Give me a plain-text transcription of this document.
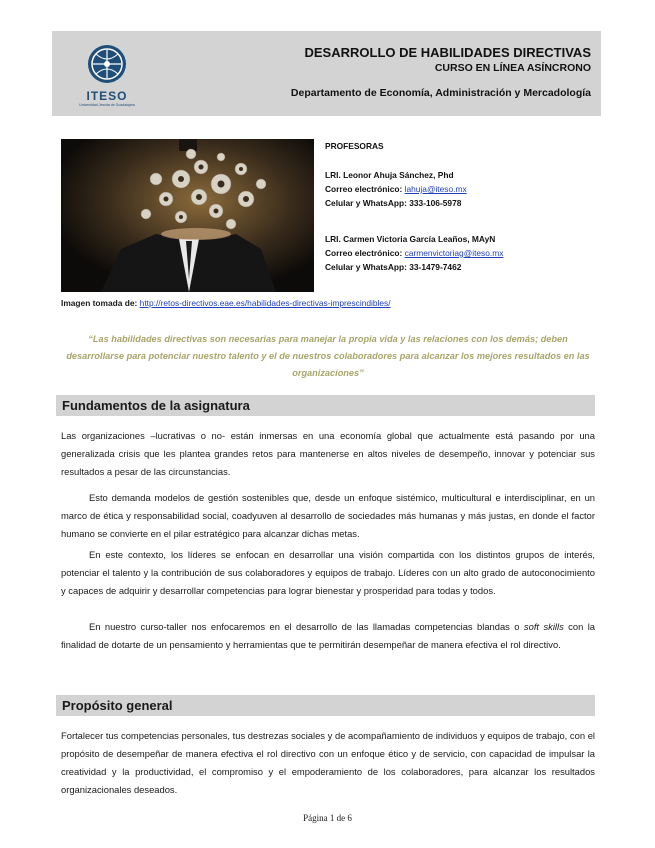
ITESO
Universidad Jesuita de Guadalajara
DESARROLLO DE HABILIDADES DIRECTIVAS
CURSO EN LÍNEA ASÍNCRONO
Departamento de Economía, Administración y Mercadología
PROFESORAS
LRI. Leonor Ahuja Sánchez, Phd
Correo electrónico: lahuja@iteso.mx
Celular y WhatsApp: 333-106-5978
LRI. Carmen Victoria García Leaños, MAyN
Correo electrónico: carmenvictoriag@iteso.mx
Celular y WhatsApp: 33-1479-7462
Imagen tomada de: http://retos-directivos.eae.es/habilidades-directivas-imprescindibles/
“Las habilidades directivas son necesarias para manejar la propia vida y las relaciones con los demás; deben desarrollarse para potenciar nuestro talento y el de nuestros colaboradores para alcanzar los mejores resultados en las organizaciones”
Fundamentos de la asignatura
Las organizaciones –lucrativas o no- están inmersas en una economía global que actualmente está pasando por una generalizada crisis que les plantea grandes retos para mantenerse en altos niveles de desempeño, innovar y potenciar sus resultados a pesar de las circunstancias.
Esto demanda modelos de gestión sostenibles que, desde un enfoque sistémico, multicultural e interdisciplinar, en un marco de ética y responsabilidad social, coadyuven al desarrollo de sociedades más humanas y más justas, en donde el factor humano se convierte en el pilar estratégico para alcanzar dichas metas.
En este contexto, los líderes se enfocan en desarrollar una visión compartida con los distintos grupos de interés, potenciar el talento y la contribución de sus colaboradores y equipos de trabajo. Líderes con un alto grado de autoconocimiento y capaces de adquirir y desarrollar competencias para lograr bienestar y prosperidad para todas y todos.
En nuestro curso-taller nos enfocaremos en el desarrollo de las llamadas competencias blandas o soft skills con la finalidad de dotarte de un pensamiento y herramientas que te permitirán desempeñar de manera efectiva el rol directivo.
Propósito general
Fortalecer tus competencias personales, tus destrezas sociales y de acompañamiento de individuos y equipos de trabajo, con el propósito de desempeñar de manera efectiva el rol directivo con un enfoque ético y de servicio, con capacidad de impulsar la creatividad y la productividad, el compromiso y el empoderamiento de los colaboradores, para alcanzar los resultados organizacionales deseados.
Página 1 de 6
